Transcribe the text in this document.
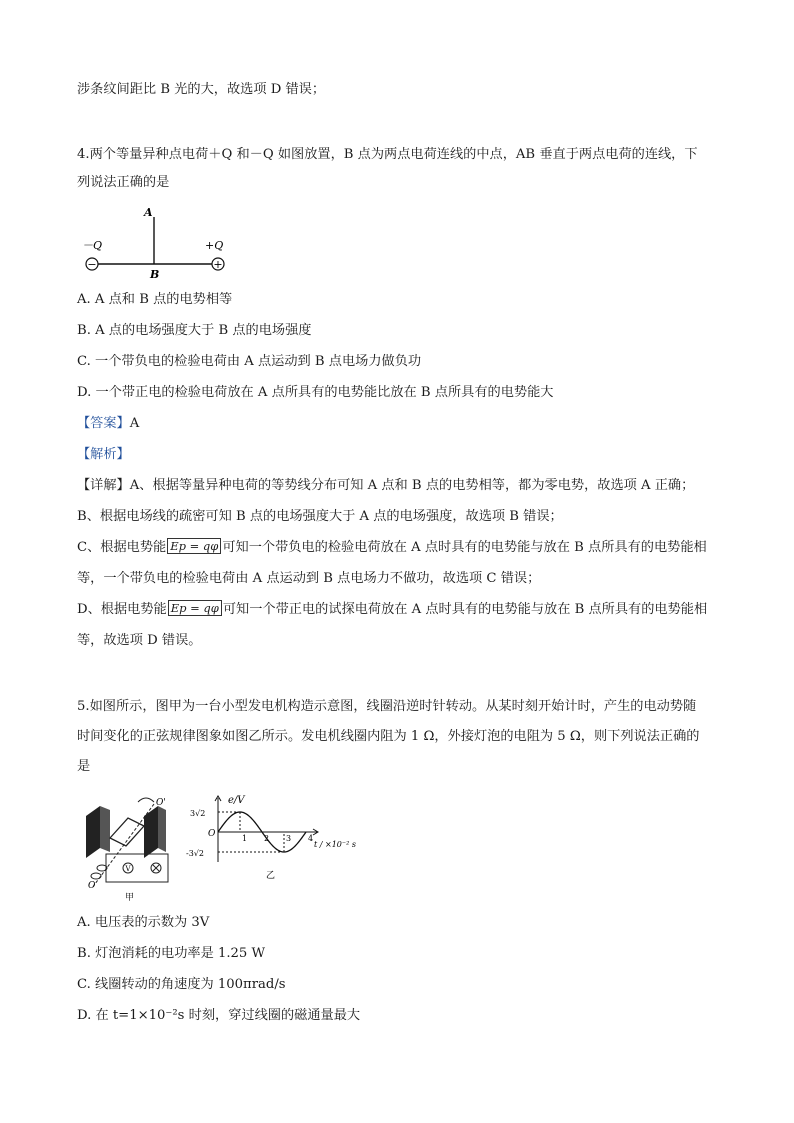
涉条纹间距比 B 光的大，故选项 D 错误；
4.两个等量异种点电荷＋Q 和－Q 如图放置，B 点为两点电荷连线的中点，AB 垂直于两点电荷的连线，下
列说法正确的是
−	+
A
B
－Q	+Q
A. A 点和 B 点的电势相等
B. A 点的电场强度大于 B 点的电场强度
C. 一个带负电的检验电荷由 A 点运动到 B 点电场力做负功
D. 一个带正电的检验电荷放在 A 点所具有的电势能比放在 B 点所具有的电势能大
【答案】A
【解析】
【详解】A、根据等量异种电荷的等势线分布可知 A 点和 B 点的电势相等，都为零电势，故选项 A 正确；
B、根据电场线的疏密可知 B 点的电场强度大于 A 点的电场强度，故选项 B 错误；
C、根据电势能 Ep = qφ 可知一个带负电的检验电荷放在 A 点时具有的电势能与放在 B 点所具有的电势能相
等，一个带负电的检验电荷由 A 点运动到 B 点电场力不做功，故选项 C 错误；
D、根据电势能 Ep = qφ 可知一个带正电的试探电荷放在 A 点时具有的电势能与放在 B 点所具有的电势能相
等，故选项 D 错误。
5.如图所示，图甲为一台小型发电机构造示意图，线圈沿逆时针转动。从某时刻开始计时，产生的电动势随
时间变化的正弦规律图象如图乙所示。发电机线圈内阻为 1 Ω，外接灯泡的电阻为 5 Ω，则下列说法正确的
是
O'
V
O
甲
e/V
3√2
O
-3√2
t / ×10⁻² s
1 2 3 4
乙
A. 电压表的示数为 3V
B. 灯泡消耗的电功率是 1.25 W
C. 线圈转动的角速度为 100πrad/s
D. 在 t=1×10⁻²s 时刻，穿过线圈的磁通量最大
